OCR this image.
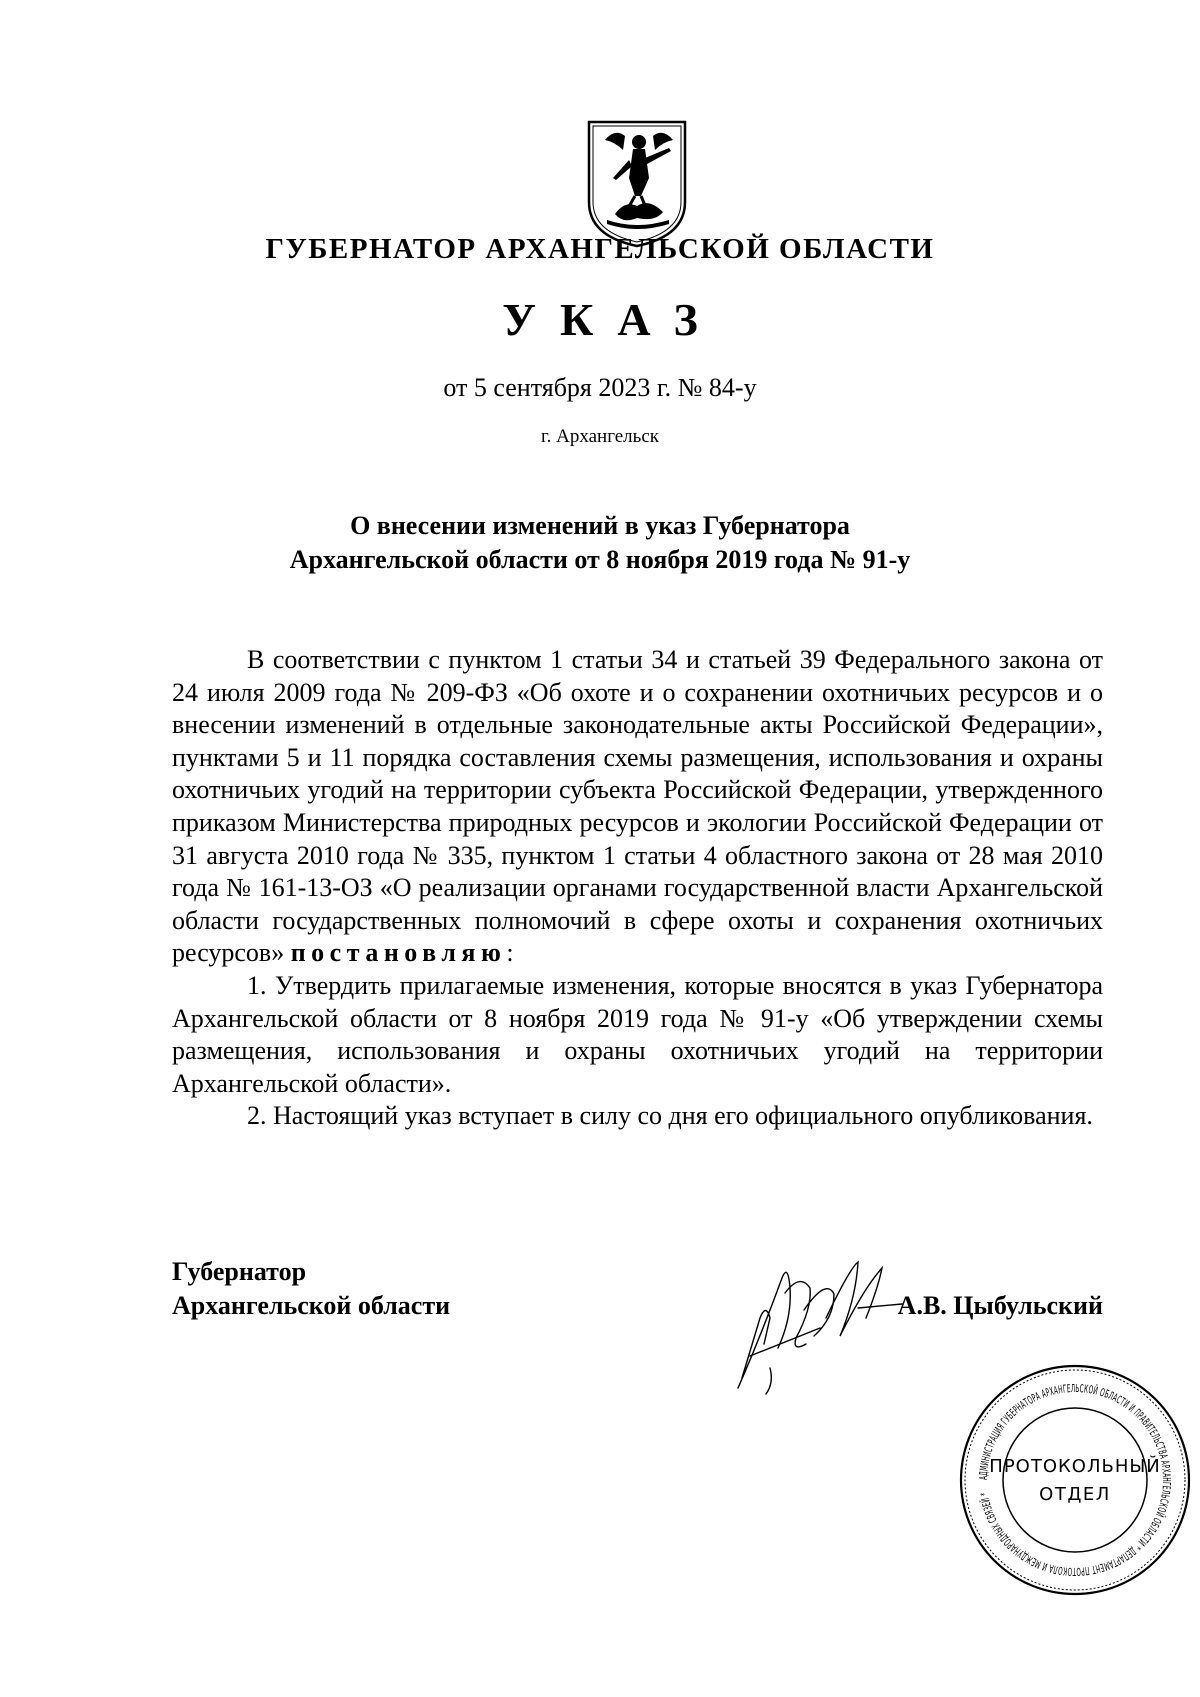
ГУБЕРНАТОР АРХАНГЕЛЬСКОЙ ОБЛАСТИ
УКАЗ
от 5 сентября 2023 г. № 84-у
г. Архангельск
О внесении изменений в указ Губернатора
Архангельской области от 8 ноября 2019 года № 91-у

В соответствии с пунктом 1 статьи 34 и статьей 39 Федерального закона от 24 июля 2009 года № 209-ФЗ «Об охоте и о сохранении охотничьих ресурсов и о внесении изменений в отдельные законодательные акты Российской Федерации», пунктами 5 и 11 порядка составления схемы размещения, использования и охраны охотничьих угодий на территории субъекта Российской Федерации, утвержденного приказом Министерства природных ресурсов и экологии Российской Федерации от 31 августа 2010 года № 335, пунктом 1 статьи 4 областного закона от 28 мая 2010 года № 161-13-ОЗ «О реализации органами государственной власти Архангельской области государственных полномочий в сфере охоты и сохранения охотничьих ресурсов» постановляю:

1. Утвердить прилагаемые изменения, которые вносятся в указ Губернатора Архангельской области от 8 ноября 2019 года № 91-у «Об утверждении схемы размещения, использования и охраны охотничьих угодий на территории Архангельской области».

2. Настоящий указ вступает в силу со дня его официального опубликования.

Губернатор
Архангельской области	А.В. Цыбульский
АДМИНИСТРАЦИЯ ГУБЕРНАТОРА АРХАНГЕЛЬСКОЙ ОБЛАСТИ И ПРАВИТЕЛЬСТВА АРХАНГЕЛЬСКОЙ ОБЛАСТИ * ДЕПАРТАМЕНТ ПРОТОКОЛА И МЕЖДУНАРОДНЫХ СВЯЗЕЙ *
ПРОТОКОЛЬНЫЙ
ОТДЕЛ
